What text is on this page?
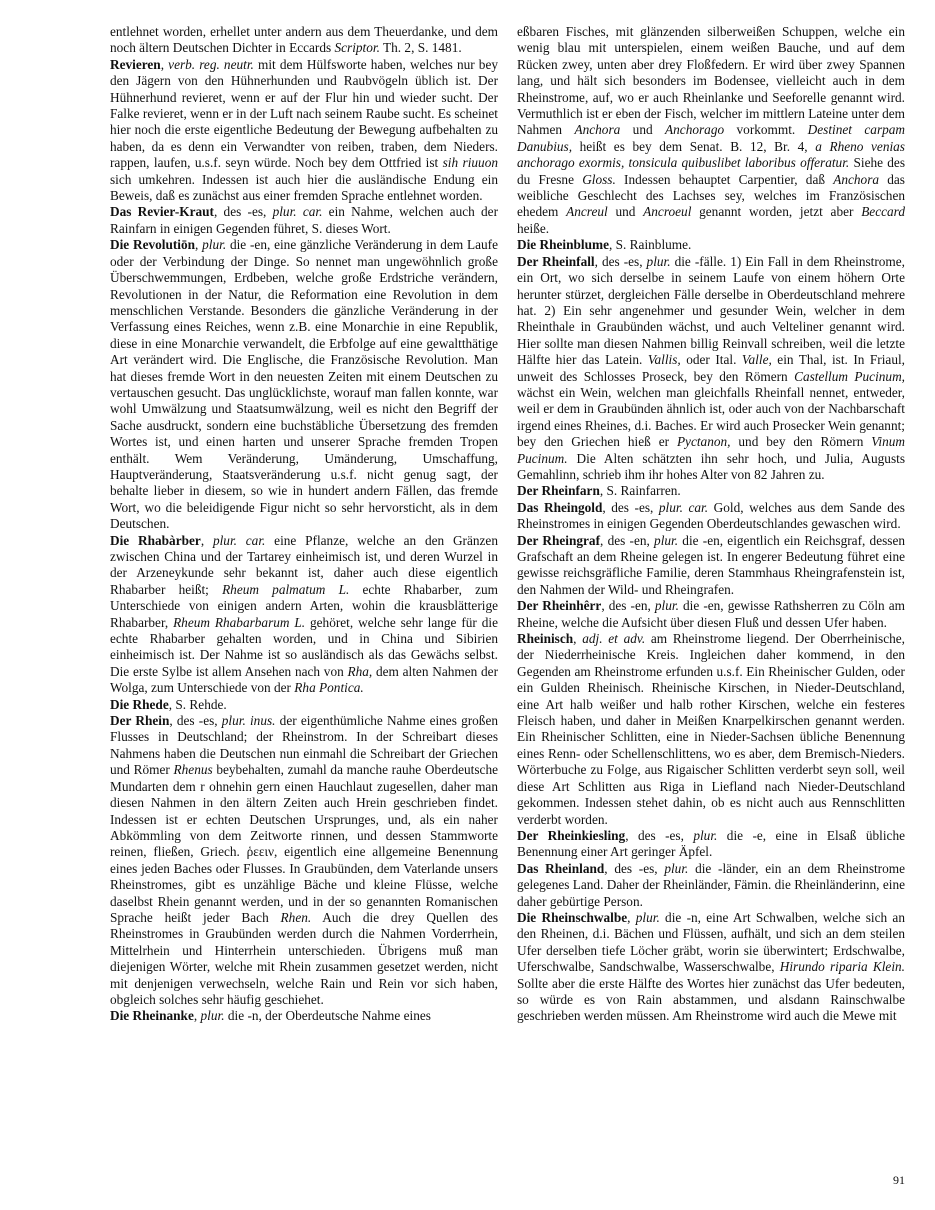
entlehnet worden, erhellet unter andern aus dem Theuerdanke, und dem noch ältern Deutschen Dichter in Eccards Scriptor. Th. 2, S. 1481.

Revieren, verb. reg. neutr. mit dem Hülfsworte haben, welches nur bey den Jägern von den Hühnerhunden und Raubvögeln üblich ist. Der Hühnerhund revieret, wenn er auf der Flur hin und wieder sucht. Der Falke revieret, wenn er in der Luft nach seinem Raube sucht. Es scheinet hier noch die erste eigentliche Bedeutung der Bewegung aufbehalten zu haben, da es denn ein Verwandter von reiben, traben, dem Nieders. rappen, laufen, u.s.f. seyn würde. Noch bey dem Ottfried ist sih riuuon sich umkehren. Indessen ist auch hier die ausländische Endung ein Beweis, daß es zunächst aus einer fremden Sprache entlehnet worden.

Das Revier-Kraut, des -es, plur. car. ein Nahme, welchen auch der Rainfarn in einigen Gegenden führet, S. dieses Wort.

Die Revolutiōn, plur. die -en, eine gänzliche Veränderung in dem Laufe oder der Verbindung der Dinge. So nennet man ungewöhnlich große Überschwemmungen, Erdbeben, welche große Erdstriche verändern, Revolutionen in der Natur, die Reformation eine Revolution in dem menschlichen Verstande. Besonders die gänzliche Veränderung in der Verfassung eines Reiches, wenn z.B. eine Monarchie in eine Republik, diese in eine Monarchie verwandelt, die Erbfolge auf eine gewaltthätige Art verändert wird. Die Englische, die Französische Revolution. Man hat dieses fremde Wort in den neuesten Zeiten mit einem Deutschen zu vertauschen gesucht. Das unglücklichste, worauf man fallen konnte, war wohl Umwälzung und Staatsumwälzung, weil es nicht den Begriff der Sache ausdruckt, sondern eine buchstäbliche Übersetzung des fremden Wortes ist, und einen harten und unserer Sprache fremden Tropen enthält. Wem Veränderung, Umänderung, Umschaffung, Hauptveränderung, Staatsveränderung u.s.f. nicht genug sagt, der behalte lieber in diesem, so wie in hundert andern Fällen, das fremde Wort, wo die beleidigende Figur nicht so sehr hervorsticht, als in dem Deutschen.

Die Rhabàrber, plur. car. eine Pflanze, welche an den Gränzen zwischen China und der Tartarey einheimisch ist, und deren Wurzel in der Arzeneykunde sehr bekannt ist, daher auch diese eigentlich Rhabarber heißt; Rheum palmatum L. echte Rhabarber, zum Unterschiede von einigen andern Arten, wohin die krausblätterige Rhabarber, Rheum Rhabarbarum L. gehöret, welche sehr lange für die echte Rhabarber gehalten worden, und in China und Sibirien einheimisch ist. Der Nahme ist so ausländisch als das Gewächs selbst. Die erste Sylbe ist allem Ansehen nach von Rha, dem alten Nahmen der Wolga, zum Unterschiede von der Rha Pontica.

Die Rhede, S. Rehde.

Der Rhein, des -es, plur. inus. der eigenthümliche Nahme eines großen Flusses in Deutschland; der Rheinstrom. In der Schreibart dieses Nahmens haben die Deutschen nun einmahl die Schreibart der Griechen und Römer Rhenus beybehalten, zumahl da manche rauhe Oberdeutsche Mundarten dem r ohnehin gern einen Hauchlaut zugesellen, daher man diesen Nahmen in den ältern Zeiten auch Hrein geschrieben findet. Indessen ist er echten Deutschen Ursprunges, und, als ein naher Abkömmling von dem Zeitworte rinnen, und dessen Stammworte reinen, fließen, Griech. ῥεειν, eigentlich eine allgemeine Benennung eines jeden Baches oder Flusses. In Graubünden, dem Vaterlande unsers Rheinstromes, gibt es unzählige Bäche und kleine Flüsse, welche daselbst Rhein genannt werden, und in der so genannten Romanischen Sprache heißt jeder Bach Rhen. Auch die drey Quellen des Rheinstromes in Graubünden werden durch die Nahmen Vorderrhein, Mittelrhein und Hinterrhein unterschieden. Übrigens muß man diejenigen Wörter, welche mit Rhein zusammen gesetzet werden, nicht mit denjenigen verwechseln, welche Rain und Rein vor sich haben, obgleich solches sehr häufig geschiehet.

Die Rheinanke, plur. die -n, der Oberdeutsche Nahme eines

eßbaren Fisches, mit glänzenden silberweißen Schuppen, welche ein wenig blau mit unterspielen, einem weißen Bauche, und auf dem Rücken zwey, unten aber drey Floßfedern. Er wird über zwey Spannen lang, und hält sich besonders im Bodensee, vielleicht auch in dem Rheinstrome, auf, wo er auch Rheinlanke und Seeforelle genannt wird. Vermuthlich ist er eben der Fisch, welcher im mittlern Lateine unter dem Nahmen Anchora und Anchorago vorkommt. Destinet carpam Danubius, heißt es bey dem Senat. B. 12, Br. 4, a Rheno venias anchorago exormis, tonsicula quibuslibet laboribus offeratur. Siehe des du Fresne Gloss. Indessen behauptet Carpentier, daß Anchora das weibliche Geschlecht des Lachses sey, welches im Französischen ehedem Ancreul und Ancroeul genannt worden, jetzt aber Beccard heiße.

Die Rheinblume, S. Rainblume.

Der Rheinfall, des -es, plur. die -fälle. 1) Ein Fall in dem Rheinstrome, ein Ort, wo sich derselbe in seinem Laufe von einem höhern Orte herunter stürzet, dergleichen Fälle derselbe in Oberdeutschland mehrere hat. 2) Ein sehr angenehmer und gesunder Wein, welcher in dem Rheinthale in Graubünden wächst, und auch Velteliner genannt wird. Hier sollte man diesen Nahmen billig Reinvall schreiben, weil die letzte Hälfte hier das Latein. Vallis, oder Ital. Valle, ein Thal, ist. In Friaul, unweit des Schlosses Proseck, bey den Römern Castellum Pucinum, wächst ein Wein, welchen man gleichfalls Rheinfall nennet, entweder, weil er dem in Graubünden ähnlich ist, oder auch von der Nachbarschaft irgend eines Rheines, d.i. Baches. Er wird auch Prosecker Wein genannt; bey den Griechen hieß er Pyctanon, und bey den Römern Vinum Pucinum. Die Alten schätzten ihn sehr hoch, und Julia, Augusts Gemahlinn, schrieb ihm ihr hohes Alter von 82 Jahren zu.

Der Rheinfarn, S. Rainfarren.

Das Rheingold, des -es, plur. car. Gold, welches aus dem Sande des Rheinstromes in einigen Gegenden Oberdeutschlandes gewaschen wird.

Der Rheingraf, des -en, plur. die -en, eigentlich ein Reichsgraf, dessen Grafschaft an dem Rheine gelegen ist. In engerer Bedeutung führet eine gewisse reichsgräfliche Familie, deren Stammhaus Rheingrafenstein ist, den Nahmen der Wild- und Rheingrafen.

Der Rheinhêrr, des -en, plur. die -en, gewisse Rathsherren zu Cöln am Rheine, welche die Aufsicht über diesen Fluß und dessen Ufer haben.

Rheinisch, adj. et adv. am Rheinstrome liegend. Der Oberrheinische, der Niederrheinische Kreis. Ingleichen daher kommend, in den Gegenden am Rheinstrome erfunden u.s.f. Ein Rheinischer Gulden, oder ein Gulden Rheinisch. Rheinische Kirschen, in Nieder-Deutschland, eine Art halb weißer und halb rother Kirschen, welche ein festeres Fleisch haben, und daher in Meißen Knarpelkirschen genannt werden. Ein Rheinischer Schlitten, eine in Nieder-Sachsen übliche Benennung eines Renn- oder Schellenschlittens, wo es aber, dem Bremisch-Nieders. Wörterbuche zu Folge, aus Rigaischer Schlitten verderbt seyn soll, weil diese Art Schlitten aus Riga in Liefland nach Nieder-Deutschland gekommen. Indessen stehet dahin, ob es nicht auch aus Rennschlitten verderbt worden.

Der Rheinkiesling, des -es, plur. die -e, eine in Elsaß übliche Benennung einer Art geringer Äpfel.

Das Rheinland, des -es, plur. die -länder, ein an dem Rheinstrome gelegenes Land. Daher der Rheinländer, Fämin. die Rheinländerinn, eine daher gebürtige Person.

Die Rheinschwalbe, plur. die -n, eine Art Schwalben, welche sich an den Rheinen, d.i. Bächen und Flüssen, aufhält, und sich an dem steilen Ufer derselben tiefe Löcher gräbt, worin sie überwintert; Erdschwalbe, Uferschwalbe, Sandschwalbe, Wasserschwalbe, Hirundo riparia Klein. Sollte aber die erste Hälfte des Wortes hier zunächst das Ufer bedeuten, so würde es von Rain abstammen, und alsdann Rainschwalbe geschrieben werden müssen. Am Rheinstrome wird auch die Mewe mit

91
